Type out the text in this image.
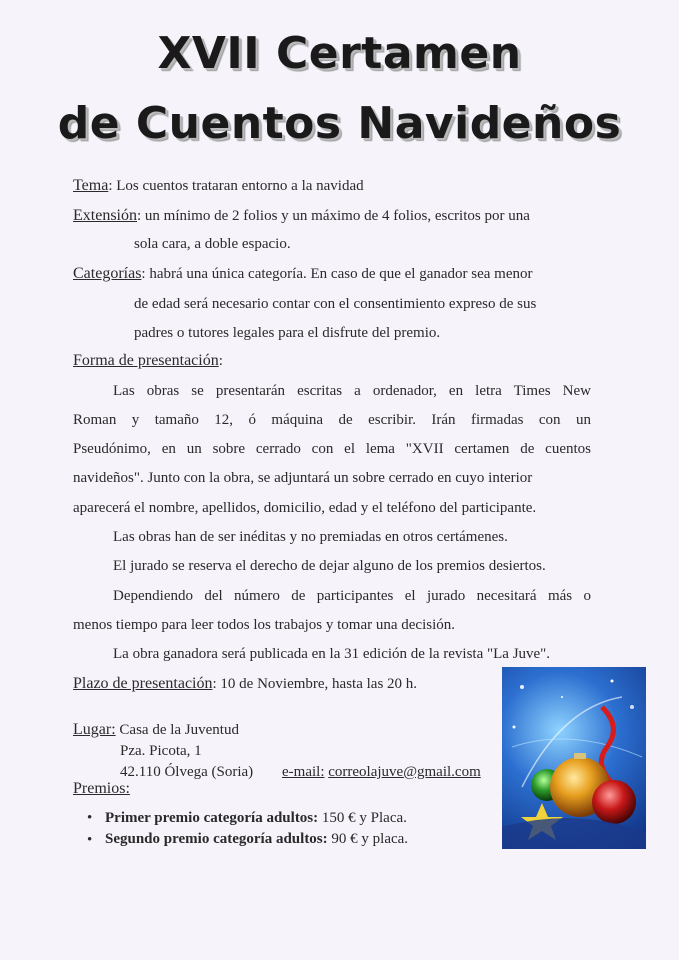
XVII Certamen
de Cuentos Navideños
Tema: Los cuentos trataran entorno a la navidad
Extensión: un mínimo de 2 folios y un máximo de 4 folios, escritos por una
sola cara, a doble espacio.
Categorías: habrá una única categoría. En caso de que el ganador sea menor
de edad será necesario contar con el consentimiento expreso de sus
padres o tutores legales para el disfrute del premio.
Forma de presentación:
Las obras se presentarán escritas a ordenador, en letra Times New
Roman y tamaño 12, ó máquina de escribir. Irán firmadas con un
Pseudónimo, en un sobre cerrado con el lema "XVII certamen de cuentos
navideños". Junto con la obra, se adjuntará un sobre cerrado en cuyo interior
aparecerá el nombre, apellidos, domicilio, edad y el teléfono del participante.
Las obras han de ser inéditas y no premiadas en otros certámenes.
El jurado se reserva el derecho de dejar alguno de los premios desiertos.
Dependiendo del número de participantes el jurado necesitará más o
menos tiempo para leer todos los trabajos y tomar una decisión.
La obra ganadora será publicada en la 31 edición de la revista "La Juve".
Plazo de presentación: 10 de Noviembre, hasta las 20 h.
Lugar: Casa de la Juventud
Pza. Picota, 1
42.110 Ólvega (Soria) e-mail: correolajuve@gmail.com
Premios:
• Primer premio categoría adultos: 150 € y Placa.
• Segundo premio categoría adultos: 90 € y placa.
